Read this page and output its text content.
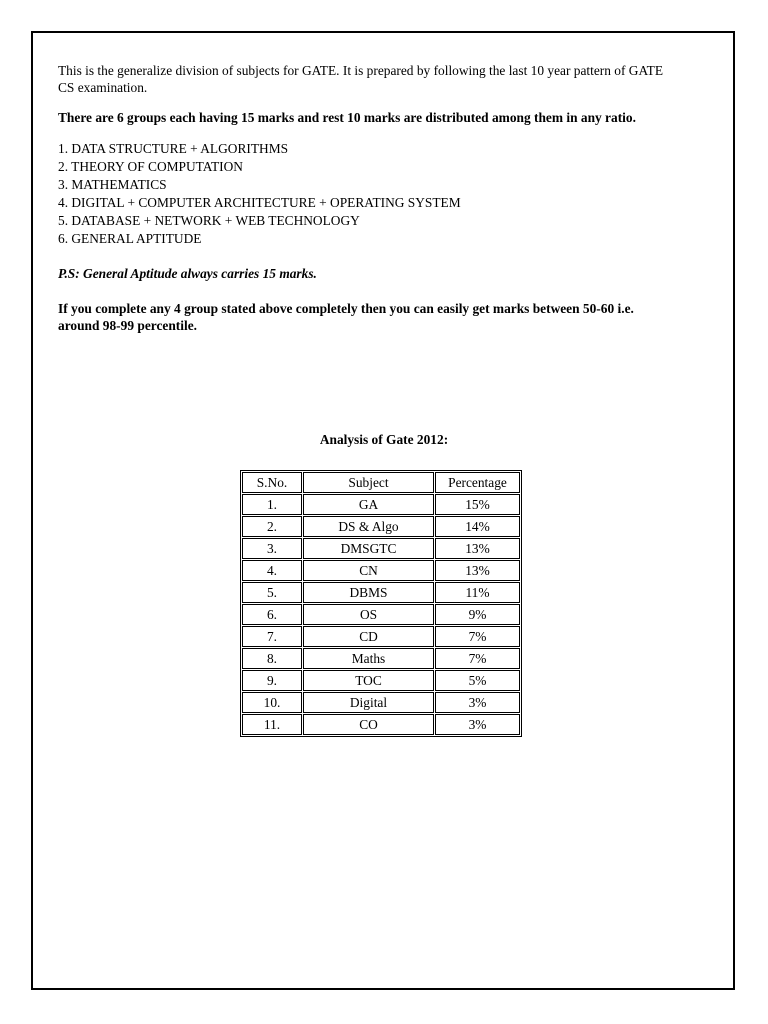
This is the generalize division of subjects for GATE. It is prepared by following the last 10 year pattern of GATE CS examination.

There are 6 groups each having 15 marks and rest 10 marks are distributed among them in any ratio.

1. DATA STRUCTURE + ALGORITHMS
2. THEORY OF COMPUTATION
3. MATHEMATICS
4. DIGITAL + COMPUTER ARCHITECTURE + OPERATING SYSTEM
5. DATABASE + NETWORK + WEB TECHNOLOGY
6. GENERAL APTITUDE

P.S: General Aptitude always carries 15 marks.

If you complete any 4 group stated above completely then you can easily get marks between 50-60 i.e. around 98-99 percentile.

Analysis of Gate 2012:
S.No.	Subject	Percentage
1.	GA	15%
2.	DS & Algo	14%
3.	DMSGTC	13%
4.	CN	13%
5.	DBMS	11%
6.	OS	9%
7.	CD	7%
8.	Maths	7%
9.	TOC	5%
10.	Digital	3%
11.	CO	3%
